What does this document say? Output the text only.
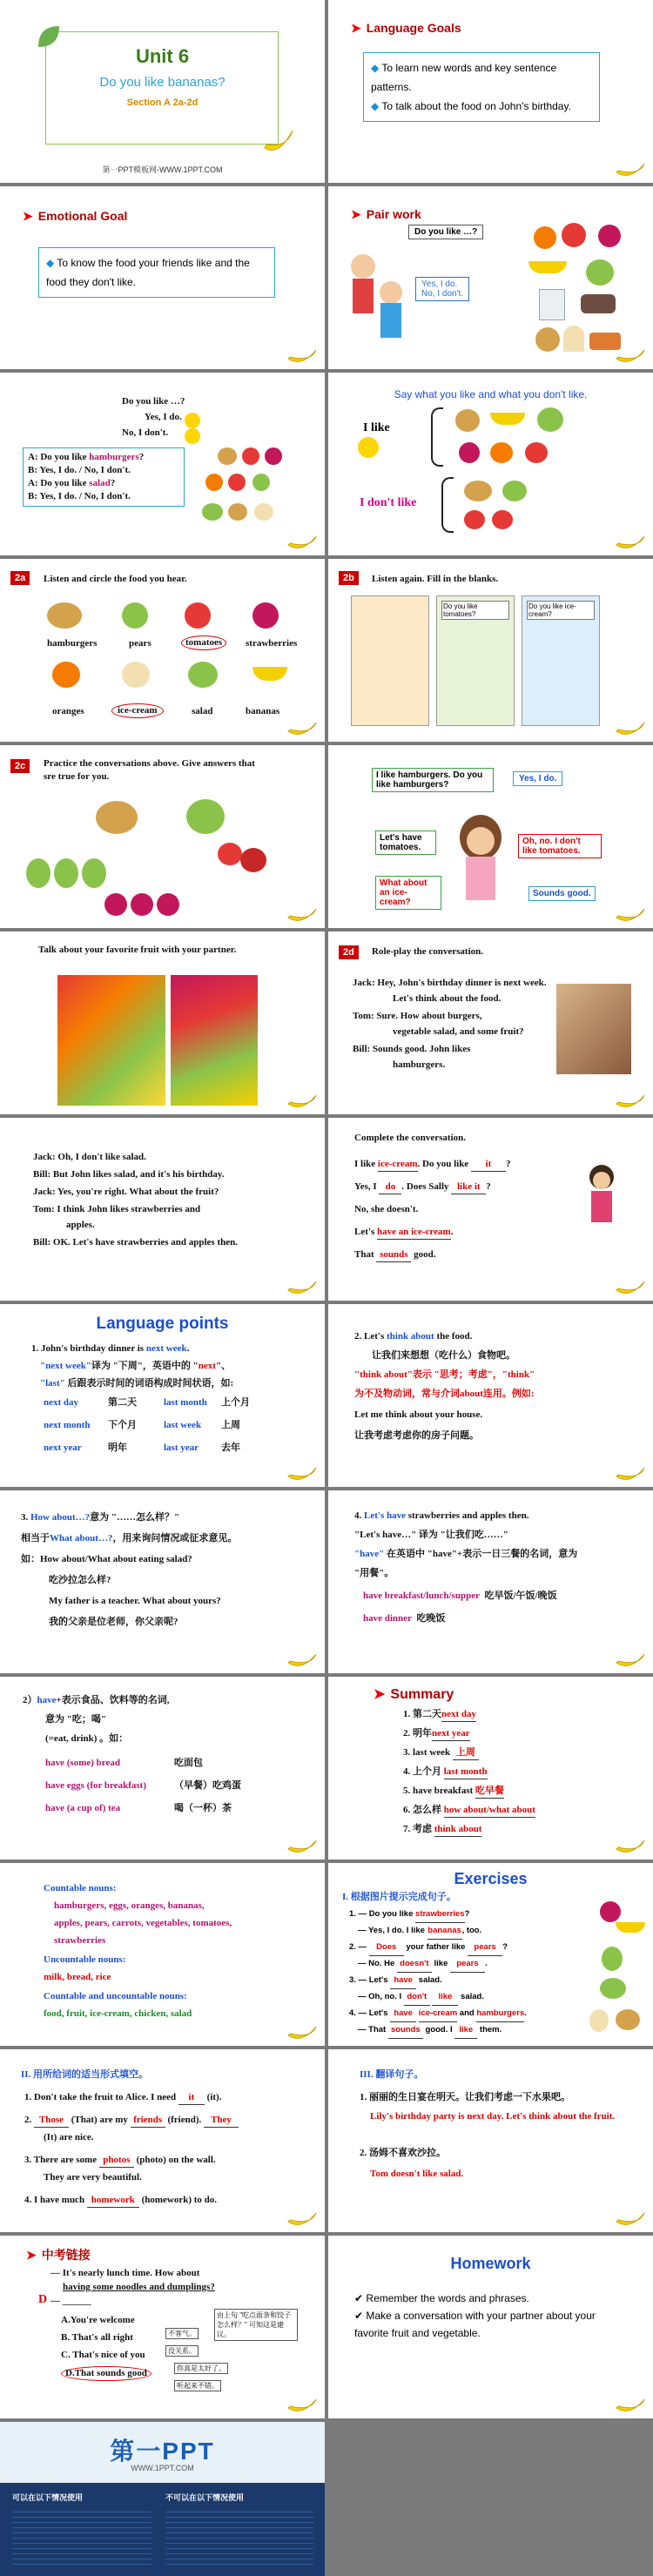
Unit 6
Do you like bananas?
Section A 2a-2d
第一PPT模板网-WWW.1PPT.COM
➤ Language Goals
◆ To learn new words and key sentence patterns.
◆ To talk about the food on John's birthday.
➤ Emotional Goal
◆ To know the food your friends like and the food they don't like.
➤ Pair work
Do you like …?
Yes, I do.
No, I don't.
Do you like …?
Yes, I do.
No, I don't.
A: Do you like hamburgers?
B: Yes, I do. / No, I don't.
A: Do you like salad?
B: Yes, I do. / No, I don't.
Say what you like and what you don't like.
I like
I don't like
2a	Listen and circle the food you hear.
hamburgers	pears	tomatoes	strawberries
oranges	ice-cream	salad	bananas
2b	Listen again. Fill in the blanks.
Do you like tomatoes?
Do you like ice-cream?
2c	Practice the conversations above. Give answers that sre true for you.	I like hamburgers. Do you like hamburgers?
Yes, I do.
Let's have tomatoes.
Oh, no. I don't like tomatoes.
What about an ice-cream?
Sounds good.
Talk about your favorite fruit with your partner.	2d	Role-play the conversation.
Jack: Hey, John's birthday dinner is next week.
Let's think about the food.
Tom: Sure. How about burgers,
vegetable salad, and some fruit?
Bill: Sounds good. John likes
hamburgers.
Jack: Oh, I don't like salad.
Bill: But John likes salad, and it's his birthday.
Jack: Yes, you're right. What about the fruit?
Tom: I think John likes strawberries and
apples.
Bill: OK. Let's have strawberries and apples then.
Complete the conversation.
I like ice-cream. Do you like it ?
Yes, I do . Does Sally like it ?
No, she doesn't.
Let's have an ice-cream.
That sounds good.
Language points
1. John's birthday dinner is next week.
"next week"译为 "下周"，英语中的 "next"、
"last" 后跟表示时间的词语构成时间状语，如:
next day	第二天	last month 上个月
next month 下个月	last week 上周
next year	明年	last year 去年
2. Let's think about the food.
让我们来想想（吃什么）食物吧。
"think about"表示 "思考；考虑"，"think"
为不及物动词，常与介词about连用。例如:
Let me think about your house.
让我考虑考虑你的房子问题。
3. How about…?意为 "……怎么样？"
相当于What about…?，用来询问情况或征求意见。
如：How about/What about eating salad?
吃沙拉怎么样?
My father is a teacher. What about yours?
我的父亲是位老师，你父亲呢?
4. Let's have strawberries and apples then.
"Let's have…" 译为 "让我们吃……"
"have" 在英语中 "have"+表示一日三餐的名词，意为
"用餐"。
have breakfast/lunch/supper 吃早饭/午饭/晚饭
have dinner 吃晚饭
2）have+表示食品、饮料等的名词,
意为 "吃；喝"
(=eat, drink) 。如：
have (some) bread	吃面包
have eggs (for breakfast)	（早餐）吃鸡蛋
have (a cup of) tea	喝（一杯）茶
➤ Summary
1. 第二天next day
2. 明年next year
3. last week 上周
4. 上个月 last month
5. have breakfast 吃早餐
6. 怎么样 how about/what about
7. 考虑 think about
Countable nouns:
hamburgers, eggs, oranges, bananas,
apples, pears, carrots, vegetables, tomatoes,
strawberries
Uncountable nouns:
milk, bread, rice
Countable and uncountable nouns:
food, fruit, ice-cream, chicken, salad
Exercises
I. 根据图片提示完成句子。
1. — Do you like strawberries?
— Yes, I do. I like bananas, too.
2. — Does your father like pears ?
— No. He doesn't like pears .
3. — Let's have salad.
— Oh, no. I don't like salad.
4. — Let's have ice-cream and hamburgers.
— That sounds good. I like them.
II. 用所给词的适当形式填空。
1. Don't take the fruit to Alice. I need it (it).
2. Those (That) are my friends (friend). They
(It) are nice.
3. There are some photos (photo) on the wall.
They are very beautiful.
4. I have much homework (homework) to do.
III. 翻译句子。
1. 丽丽的生日宴在明天。让我们考虑一下水果吧。
Lily's birthday party is next day. Let's think about the fruit.
2. 汤姆不喜欢沙拉。
Tom doesn't like salad.
➤ 中考链接
— It's nearly lunch time. How about
having some noodles and dumplings?
— ______
A.You're welcome
B. That's all right
C. That's nice of you
D.That sounds good
由上句 "吃点面条和饺子怎么样？" 可知这是建议。
不客气。
没关系。
你真是太好了。
听起来不错。
D
Homework
✔ Remember the words and phrases.
✔ Make a conversation with your partner about your favorite fruit and vegetable.
第一PPT
WWW.1PPT.COM
可以在以下情况使用	不可以在以下情况使用
